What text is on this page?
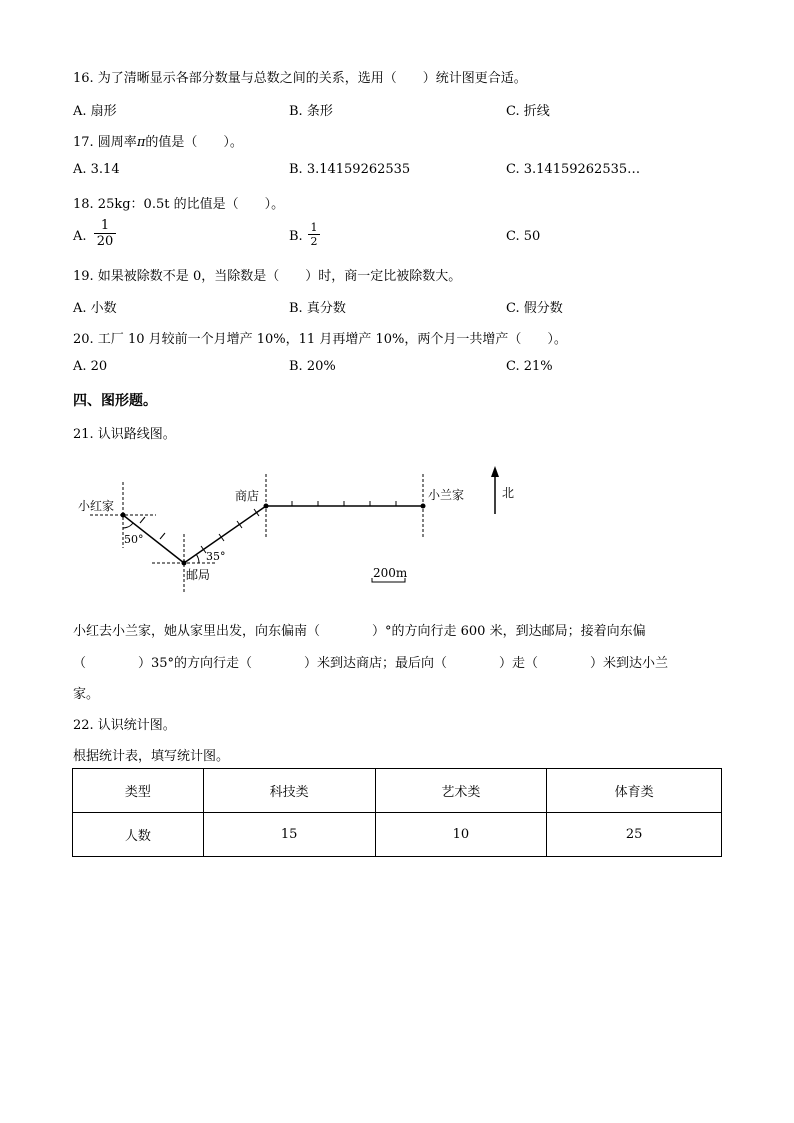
16. 为了清晰显示各部分数量与总数之间的关系，选用（　　）统计图更合适。
A. 扇形	B. 条形	C. 折线
17. 圆周率π的值是（　　）。
A. 3.14	B. 3.14159262535	C. 3.14159262535…
18. 25kg：0.5t 的比值是（　　）。
A.
1
20	B.
1
2	C. 50
19. 如果被除数不是 0，当除数是（　　）时，商一定比被除数大。
A. 小数	B. 真分数	C. 假分数
20. 工厂 10 月较前一个月增产 10%，11 月再增产 10%，两个月一共增产（　　）。
A. 20	B. 20%	C. 21%
四、图形题。
21. 认识路线图。
小红家
商店	小兰家
邮局
50°
35°
北
200m
小红去小兰家，她从家里出发，向东偏南（　　　　）°的方向行走 600 米，到达邮局；接着向东偏
（　　　　）35°的方向行走（　　　　）米到达商店；最后向（　　　　）走（　　　　）米到达小兰
家。
22. 认识统计图。
根据统计表，填写统计图。
类型	科技类	艺术类	体育类
人数	15	10	25
